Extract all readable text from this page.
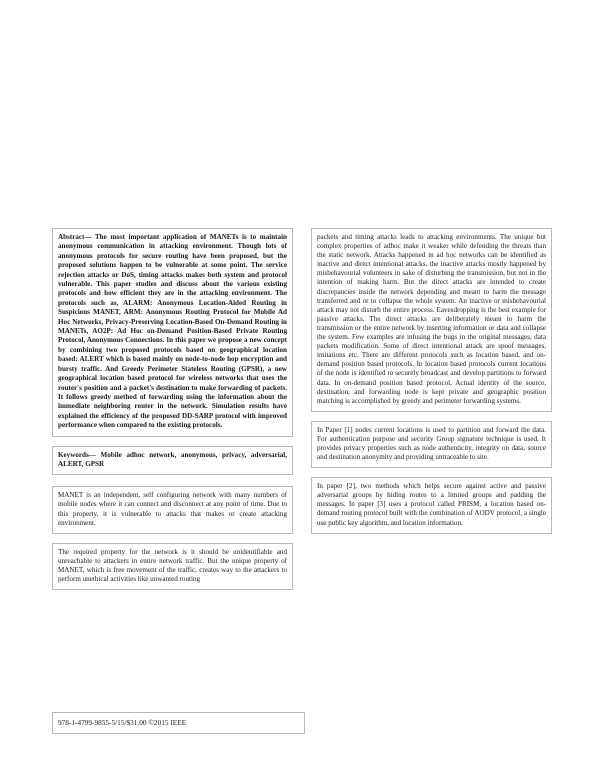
Abstract— The most important application of MANETs is to maintain anonymous communication in attacking environment. Though lots of anonymous protocols for secure routing have been proposed, but the proposed solutions happen to be vulnerable at some point. The service rejection attacks or DoS, timing attacks makes both system and protocol vulnerable. This paper studies and discuss about the various existing protocols and how efficient they are in the attacking environment. The protocols such as, ALARM: Anonymous Location-Aided Routing in Suspicious MANET, ARM: Anonymous Routing Protocol for Mobile Ad Hoc Networks, Privacy-Preserving Location-Based On-Demand Routing in MANETs, AO2P: Ad Hoc on-Demand Position-Based Private Routing Protocol, Anonymous Connections. In this paper we propose a new concept by combining two proposed protocols based on geographical location based: ALERT which is based mainly on node-to-node hop encryption and bursty traffic. And Greedy Perimeter Stateless Routing (GPSR), a new geographical location based protocol for wireless networks that uses the router's position and a packet's destination to make forwarding of packets. It follows greedy method of forwarding using the information about the immediate neighboring router in the network. Simulation results have explained the efficiency of the proposed DD-SARP protocol with improved performance when compared to the existing protocols.

Keywords— Mobile adhoc network, anonymous, privacy, adversarial, ALERT, GPSR

MANET is an independent, self configuring network with many numbers of mobile nodes where it can connect and disconnect at any point of time. Due to this property, it is vulnerable to attacks that makes or create attacking environment.

The required property for the network is it should be unidentifiable and unreachable to attackers in entire network traffic. But the unique property of MANET, which is free movement of the traffic, creates way to the attackers to perform unethical activities like unwanted routing

packets and timing attacks leads to attacking environments. The unique but complex properties of adhoc make it weaker while defending the threats than the static network. Attacks happened in ad hoc networks can be identified as inactive and direct intentional attacks, the inactive attacks mostly happened by misbehavourial volunteers in sake of disturbing the transmission, but not in the intention of making harm. But the direct attacks are intended to create discrepancies inside the network depending and meant to harm the message transferred and or to collapse the whole system. An inactive or misbehavourial attack may not disturb the entire process. Eavesdropping is the best example for passive attacks. The direct attacks are deliberately meant to harm the transmission or the entire network by inserting information or data and collapse the system. Few examples are infusing the bugs in the original messages, data packets modification. Some of direct intentional attack are spoof messages, imitations etc. There are different protocols such as location based, and on-demand position based protocols. In location based protocols current locations of the node is identified to securely broadcast and develop partitions to forward data. In on-demand position based protocol, Actual identity of the source, destination, and forwarding node is kept private and geographic position matching is accomplished by greedy and perimeter forwarding systems.

In Paper [1] nodes current locations is used to partition and forward the data. For authentication purpose and security Group signature technique is used. It provides privacy properties such as node authenticity, integrity on data, source and destination anonymity and providing untraceable to site.

In paper [2], two methods which helps secure against active and passive adversarial groups by hiding routes to a limited groups and padding the messages. In paper [3] uses a protocol called PRISM, a location based on-demand routing protocol built with the combination of AODV protocol, a single use public key algorithm, and location information.

978-1-4799-9855-5/15/$31.00 ©2015 IEEE
